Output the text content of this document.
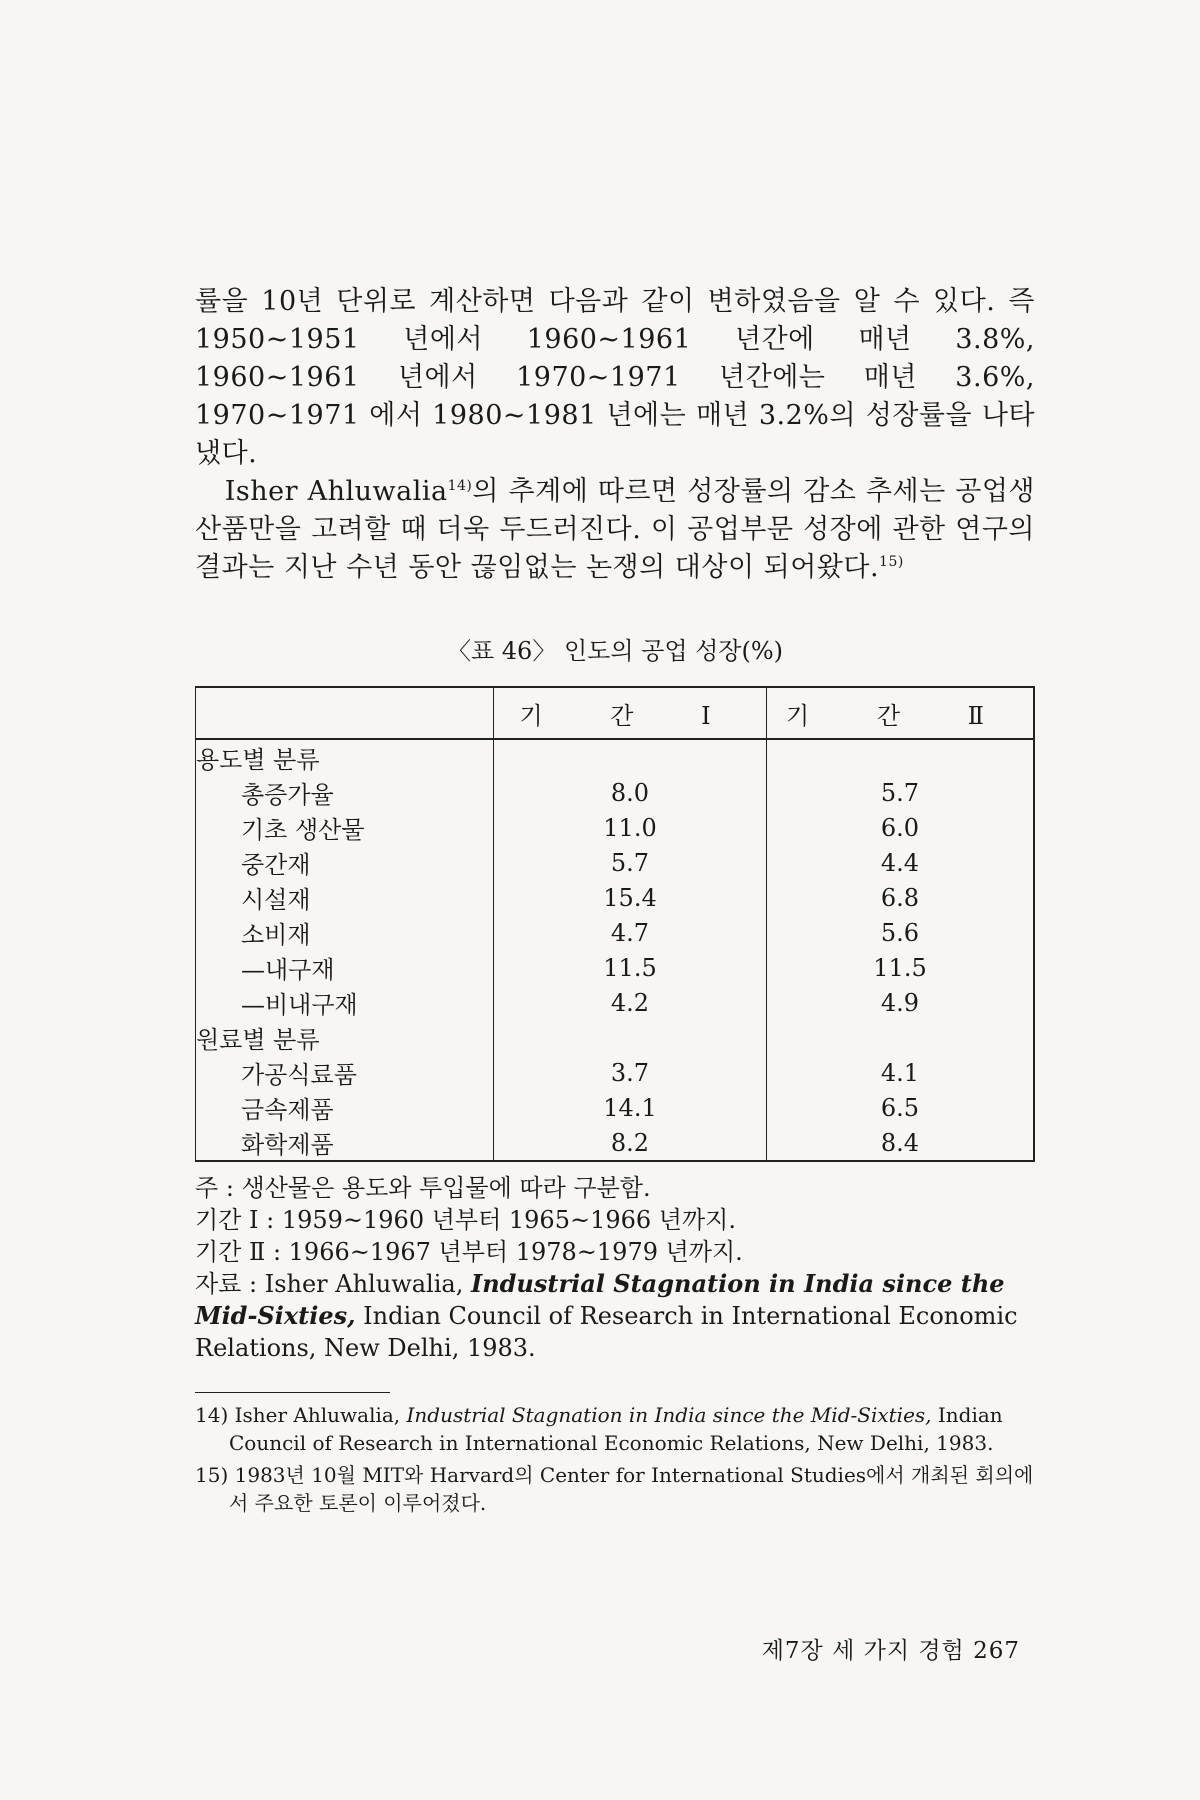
률을 10년 단위로 계산하면 다음과 같이 변하였음을 알 수 있다. 즉 1950~1951 년에서 1960~1961 년간에 매년 3.8%, 1960~1961 년에서 1970~1971 년간에는 매년 3.6%, 1970~1971 에서 1980~1981 년에는 매년 3.2%의 성장률을 나타냈다.

Isher Ahluwalia$^{14)}$의 추계에 따르면 성장률의 감소 추세는 공업생산품만을 고려할 때 더욱 두드러진다. 이 공업부문 성장에 관한 연구의 결과는 지난 수년 동안 끊임없는 논쟁의 대상이 되어왔다.$^{15)}$

〈표 46〉 인도의 공업 성장(%)
	기 간 I	기 간 Ⅱ
용도별 분류		
총증가율	8.0	5.7
기초 생산물	11.0	6.0
중간재	5.7	4.4
시설재	15.4	6.8
소비재	4.7	5.6
—내구재	11.5	11.5
—비내구재	4.2	4.9
원료별 분류		
가공식료품	3.7	4.1
금속제품	14.1	6.5
화학제품	8.2	8.4

주 : 생산물은 용도와 투입물에 따라 구분함.

기간 I : 1959~1960 년부터 1965~1966 년까지.

기간 Ⅱ : 1966~1967 년부터 1978~1979 년까지.

자료 : Isher Ahluwalia, Industrial Stagnation in India since the Mid-Sixties, Indian Council of Research in International Economic Relations, New Delhi, 1983.

14) Isher Ahluwalia, Industrial Stagnation in India since the Mid-Sixties, Indian Council of Research in International Economic Relations, New Delhi, 1983.

15) 1983년 10월 MIT와 Harvard의 Center for International Studies에서 개최된 회의에서 주요한 토론이 이루어졌다.

제7장 세 가지 경험 267
